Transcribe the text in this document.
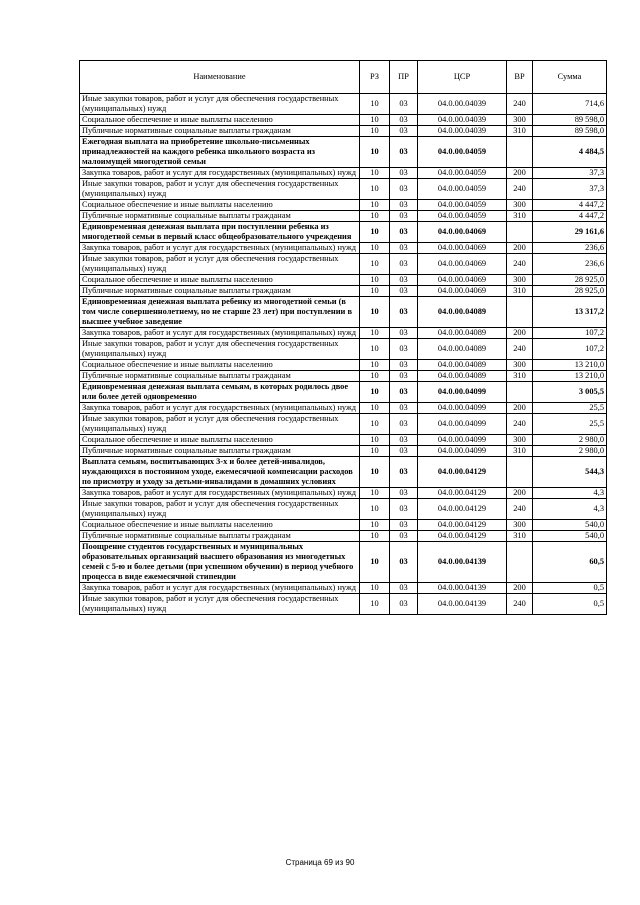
Наименование	РЗ	ПР	ЦСР	ВР	Сумма
Иные закупки товаров, работ и услуг для обеспечения государственных (муниципальных) нужд	10	03	04.0.00.04039	240	714,6
Социальное обеспечение и иные выплаты населению	10	03	04.0.00.04039	300	89 598,0
Публичные нормативные социальные выплаты гражданам	10	03	04.0.00.04039	310	89 598,0
Ежегодная выплата на приобретение школьно-письменных принадлежностей на каждого ребенка школьного возраста из малоимущей многодетной семьи	10	03	04.0.00.04059		4 484,5
Закупка товаров, работ и услуг для государственных (муниципальных) нужд	10	03	04.0.00.04059	200	37,3
Иные закупки товаров, работ и услуг для обеспечения государственных (муниципальных) нужд	10	03	04.0.00.04059	240	37,3
Социальное обеспечение и иные выплаты населению	10	03	04.0.00.04059	300	4 447,2
Публичные нормативные социальные выплаты гражданам	10	03	04.0.00.04059	310	4 447,2
Единовременная денежная выплата при поступлении ребенка из многодетной семьи в первый класс общеобразовательного учреждения	10	03	04.0.00.04069		29 161,6
Закупка товаров, работ и услуг для государственных (муниципальных) нужд	10	03	04.0.00.04069	200	236,6
Иные закупки товаров, работ и услуг для обеспечения государственных (муниципальных) нужд	10	03	04.0.00.04069	240	236,6
Социальное обеспечение и иные выплаты населению	10	03	04.0.00.04069	300	28 925,0
Публичные нормативные социальные выплаты гражданам	10	03	04.0.00.04069	310	28 925,0
Единовременная денежная выплата ребенку из многодетной семьи (в том числе совершеннолетнему, но не старше 23 лет) при поступлении в высшее учебное заведение	10	03	04.0.00.04089		13 317,2
Закупка товаров, работ и услуг для государственных (муниципальных) нужд	10	03	04.0.00.04089	200	107,2
Иные закупки товаров, работ и услуг для обеспечения государственных (муниципальных) нужд	10	03	04.0.00.04089	240	107,2
Социальное обеспечение и иные выплаты населению	10	03	04.0.00.04089	300	13 210,0
Публичные нормативные социальные выплаты гражданам	10	03	04.0.00.04089	310	13 210,0
Единовременная денежная выплата семьям, в которых родилось двое или более детей одновременно	10	03	04.0.00.04099		3 005,5
Закупка товаров, работ и услуг для государственных (муниципальных) нужд	10	03	04.0.00.04099	200	25,5
Иные закупки товаров, работ и услуг для обеспечения государственных (муниципальных) нужд	10	03	04.0.00.04099	240	25,5
Социальное обеспечение и иные выплаты населению	10	03	04.0.00.04099	300	2 980,0
Публичные нормативные социальные выплаты гражданам	10	03	04.0.00.04099	310	2 980,0
Выплата семьям, воспитывающих 3-х и более детей-инвалидов, нуждающихся в постоянном уходе, ежемесячной компенсации расходов по присмотру и уходу за детьми-инвалидами в домашних условиях	10	03	04.0.00.04129		544,3
Закупка товаров, работ и услуг для государственных (муниципальных) нужд	10	03	04.0.00.04129	200	4,3
Иные закупки товаров, работ и услуг для обеспечения государственных (муниципальных) нужд	10	03	04.0.00.04129	240	4,3
Социальное обеспечение и иные выплаты населению	10	03	04.0.00.04129	300	540,0
Публичные нормативные социальные выплаты гражданам	10	03	04.0.00.04129	310	540,0
Поощрение студентов государственных и муниципальных образовательных организаций высшего образования из многодетных семей с 5-ю и более детьми (при успешном обучении) в период учебного процесса в виде ежемесячной стипендии	10	03	04.0.00.04139		60,5
Закупка товаров, работ и услуг для государственных (муниципальных) нужд	10	03	04.0.00.04139	200	0,5
Иные закупки товаров, работ и услуг для обеспечения государственных (муниципальных) нужд	10	03	04.0.00.04139	240	0,5
Страница 69 из 90
